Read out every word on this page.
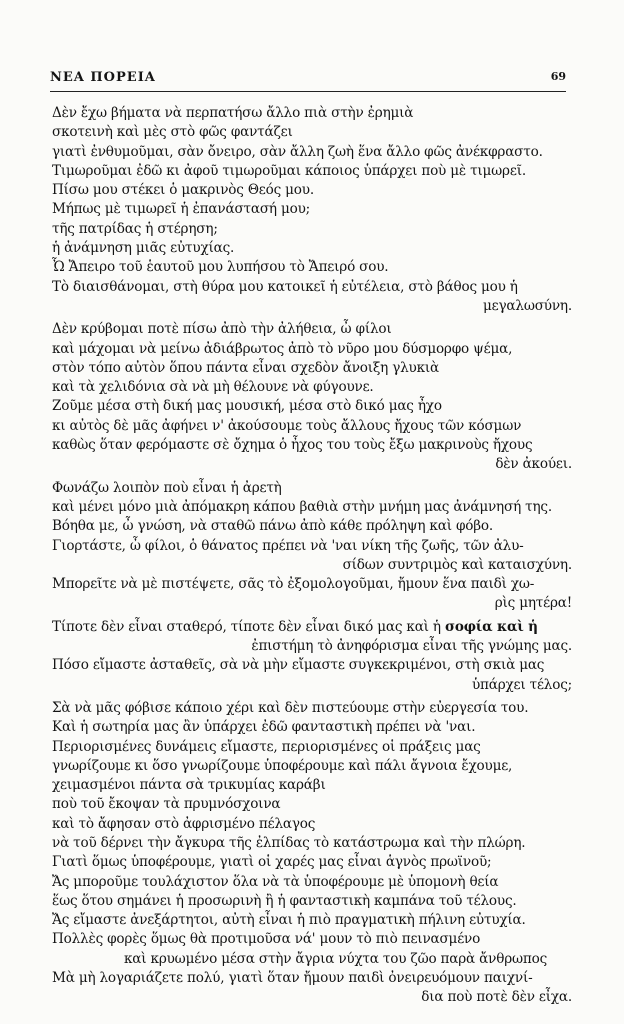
ΝΕΑ ΠΟΡΕΙΑ	69
Δὲν ἔχω βήματα νὰ περπατήσω ἄλλο πιὰ στὴν ἐρημιὰ
σκοτεινὴ καὶ μὲς στὸ φῶς φαντάζει
γιατὶ ἐνθυμοῦμαι, σὰν ὄνειρο, σὰν ἄλλη ζωὴ ἕνα ἄλλο φῶς ἀνέκφραστο.
Τιμωροῦμαι ἐδῶ κι ἀφοῦ τιμωροῦμαι κάποιος ὑπάρχει ποὺ μὲ τιμωρεῖ.
Πίσω μου στέκει ὁ μακρινὸς Θεός μου.
Μήπως μὲ τιμωρεῖ ἡ ἐπανάστασή μου;
τῆς πατρίδας ἡ στέρηση;
ἡ ἀνάμνηση μιᾶς εὐτυχίας.
Ὦ Ἄπειρο τοῦ ἑαυτοῦ μου λυπήσου τὸ Ἄπειρό σου.
Τὸ διαισθάνομαι, στὴ θύρα μου κατοικεῖ ἡ εὐτέλεια, στὸ βάθος μου ἡ
μεγαλωσύνη.
Δὲν κρύβομαι ποτὲ πίσω ἀπὸ τὴν ἀλήθεια, ὦ φίλοι
καὶ μάχομαι νὰ μείνω ἀδιάβρωτος ἀπὸ τὸ νῦρο μου δύσμορφο ψέμα,
στὸν τόπο αὐτὸν ὅπου πάντα εἶναι σχεδὸν ἄνοιξη γλυκιὰ
καὶ τὰ χελιδόνια σὰ νὰ μὴ θέλουνε νὰ φύγουνε.
Ζοῦμε μέσα στὴ δική μας μουσική, μέσα στὸ δικό μας ἦχο
κι αὐτὸς δὲ μᾶς ἀφήνει ν' ἀκούσουμε τοὺς ἄλλους ἤχους τῶν κόσμων
καθὼς ὅταν φερόμαστε σὲ ὄχημα ὁ ἦχος του τοὺς ἔξω μακρινοὺς ἤχους
δὲν ἀκούει.
Φωνάζω λοιπὸν ποὺ εἶναι ἡ ἀρετὴ
καὶ μένει μόνο μιὰ ἀπόμακρη κάπου βαθιὰ στὴν μνήμη μας ἀνάμνησή της.
Βόηθα με, ὦ γνώση, νὰ σταθῶ πάνω ἀπὸ κάθε πρόληψη καὶ φόβο.
Γιορτάστε, ὦ φίλοι, ὁ θάνατος πρέπει νὰ 'ναι νίκη τῆς ζωῆς, τῶν ἀλυ-
σίδων συντριμὸς καὶ καταισχύνη.
Μπορεῖτε νὰ μὲ πιστέψετε, σᾶς τὸ ἐξομολογοῦμαι, ἤμουν ἕνα παιδὶ χω-
ρὶς μητέρα!
Τίποτε δὲν εἶναι σταθερό, τίποτε δὲν εἶναι δικό μας καὶ ἡ σοφία καὶ ἡ
ἐπιστήμη τὸ ἀνηφόρισμα εἶναι τῆς γνώμης μας.
Πόσο εἴμαστε ἀσταθεῖς, σὰ νὰ μὴν εἴμαστε συγκεκριμένοι, στὴ σκιὰ μας
ὑπάρχει τέλος;
Σὰ νὰ μᾶς φόβισε κάποιο χέρι καὶ δὲν πιστεύουμε στὴν εὐεργεσία του.
Καὶ ἡ σωτηρία μας ἂν ὑπάρχει ἐδῶ φανταστικὴ πρέπει νὰ 'ναι.
Περιορισμένες δυνάμεις εἴμαστε, περιορισμένες οἱ πράξεις μας
γνωρίζουμε κι ὅσο γνωρίζουμε ὑποφέρουμε καὶ πάλι ἄγνοια ἔχουμε,
χειμασμένοι πάντα σὰ τρικυμίας καράβι
ποὺ τοῦ ἔκοψαν τὰ πρυμνόσχοινα
καὶ τὸ ἄφησαν στὸ ἀφρισμένο πέλαγος
νὰ τοῦ δέρνει τὴν ἄγκυρα τῆς ἐλπίδας τὸ κατάστρωμα καὶ τὴν πλώρη.
Γιατὶ ὅμως ὑποφέρουμε, γιατὶ οἱ χαρές μας εἶναι ἁγνὸς πρωϊνοῦ;
Ἄς μποροῦμε τουλάχιστον ὅλα νὰ τὰ ὑποφέρουμε μὲ ὑπομονὴ θεία
ἕως ὅτου σημάνει ἡ προσωρινὴ ἢ ἡ φανταστικὴ καμπάνα τοῦ τέλους.
Ἄς εἴμαστε ἀνεξάρτητοι, αὐτὴ εἶναι ἡ πιὸ πραγματικὴ πήλινη εὐτυχία.
Πολλὲς φορὲς ὅμως θὰ προτιμοῦσα νά' μουν τὸ πιὸ πεινασμένο
καὶ κρυωμένο μέσα στὴν ἄγρια νύχτα του ζῶο παρὰ ἄνθρωπος
Μὰ μὴ λογαριάζετε πολύ, γιατὶ ὅταν ἤμουν παιδὶ ὀνειρευόμουν παιχνί-
δια ποὺ ποτὲ δὲν εἶχα.
